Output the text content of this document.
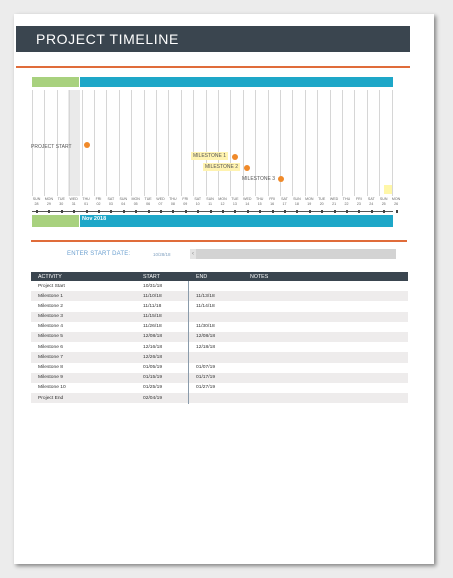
PROJECT TIMELINE
PROJECT START
MILESTONE 1
MILESTONE 2
MILESTONE 3
SUN
28
MON
29
TUE
30
WED
31
THU
01
FRI
02
SAT
03
SUN
04
MON
05
TUE
06
WED
07
THU
08
FRI
09
SAT
10
SUN
11
MON
12
TUE
13
WED
14
THU
15
FRI
16
SAT
17
SUN
18
MON
19
TUE
20
WED
21
THU
22
FRI
23
SAT
24
SUN
25
MON
26
Nov 2018
ENTER START DATE:	10/28/18	‹
ACTIVITY	START	END	NOTES
Project Start	10/31/18
Milestone 1	11/10/18	11/13/18
Milestone 2	11/11/18	11/14/18
Milestone 3	11/15/18
Milestone 4	11/26/18	11/30/18
Milestone 5	12/08/18	12/08/18
Milestone 6	12/16/18	12/18/18
Milestone 7	12/26/18
Milestone 8	01/05/19	01/07/19
Milestone 9	01/15/19	01/17/19
Milestone 10	01/25/19	01/27/19
Project End	02/04/19
